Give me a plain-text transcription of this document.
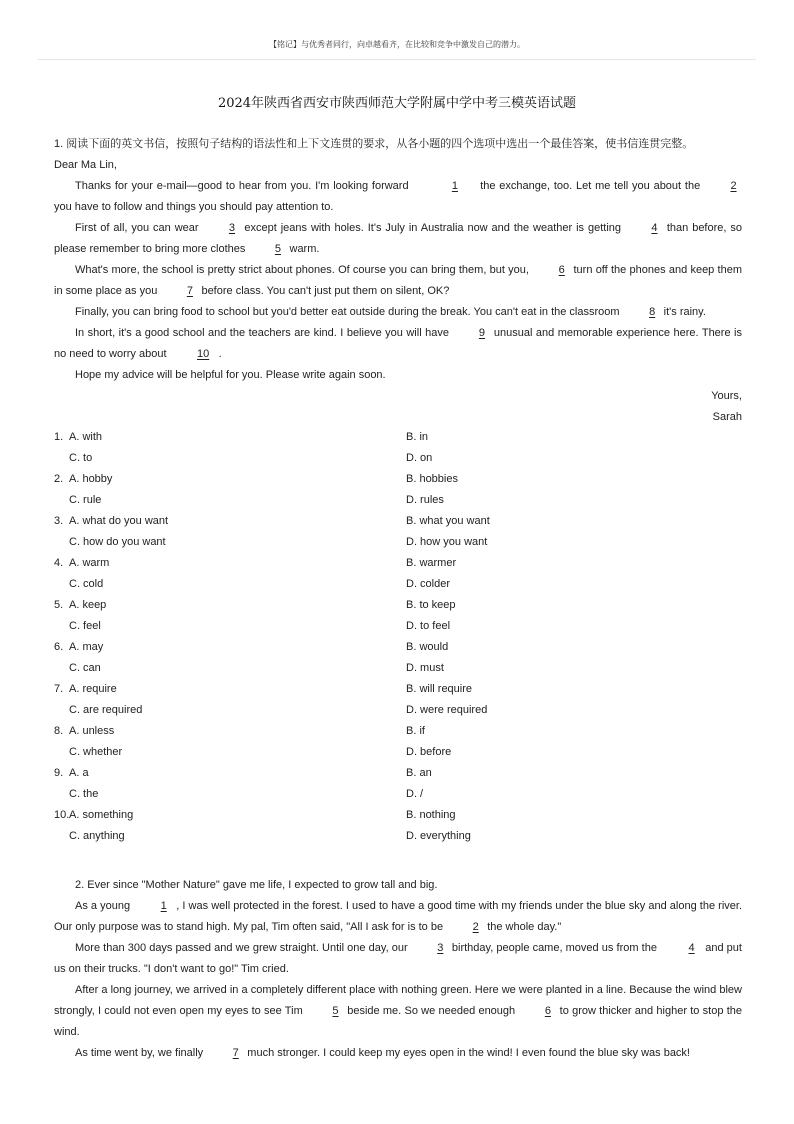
【铭记】与优秀者同行，向卓越看齐，在比较和竞争中激发自己的潜力。
2024年陕西省西安市陕西师范大学附属中学中考三模英语试题

1. 阅读下面的英文书信，按照句子结构的语法性和上下文连贯的要求，从各小题的四个选项中选出一个最佳答案，使书信连贯完整。

Dear Ma Lin,

Thanks for your e-mail—good to hear from you. I'm looking forward	1 the exchange, too. Let me tell you about the 2 you have to follow and things you should pay attention to.

First of all, you can wear 3 except jeans with holes. It's July in Australia now and the weather is getting 4 than before, so please remember to bring more clothes 5 warm.

What's more, the school is pretty strict about phones. Of course you can bring them, but you, 6 turn off the phones and keep them in some place as you 7 before class. You can't just put them on silent, OK?

Finally, you can bring food to school but you'd better eat outside during the break. You can't eat in the classroom 8 it's rainy.

In short, it's a good school and the teachers are kind. I believe you will have 9 unusual and memorable experience here. There is no need to worry about 10 .

Hope my advice will be helpful for you. Please write again soon.

Yours,

Sarah

1. A. with	B. in
C. to	D. on
2. A. hobby	B. hobbies
C. rule	D. rules
3. A. what do you want	B. what you want
C. how do you want	D. how you want
4. A. warm	B. warmer
C. cold	D. colder
5. A. keep	B. to keep
C. feel	D. to feel
6. A. may	B. would
C. can	D. must
7. A. require	B. will require
C. are required	D. were required
8. A. unless	B. if
C. whether	D. before
9. A. a	B. an
C. the	D. /
10. A. something	B. nothing
C. anything	D. everything

2. Ever since "Mother Nature" gave me life, I expected to grow tall and big.

As a young 1 , I was well protected in the forest. I used to have a good time with my friends under the blue sky and along the river. Our only purpose was to stand high. My pal, Tim often said, "All I ask for is to be 2 the whole day."

More than 300 days passed and we grew straight. Until one day, our 3 birthday, people came, moved us from the	4 and put us on their trucks. "I don't want to go!" Tim cried.

After a long journey, we arrived in a completely different place with nothing green. Here we were planted in a line. Because the wind blew strongly, I could not even open my eyes to see Tim 5 beside me. So we needed enough 6 to grow thicker and higher to stop the wind.

As time went by, we finally 7 much stronger. I could keep my eyes open in the wind! I even found the blue sky was back!
